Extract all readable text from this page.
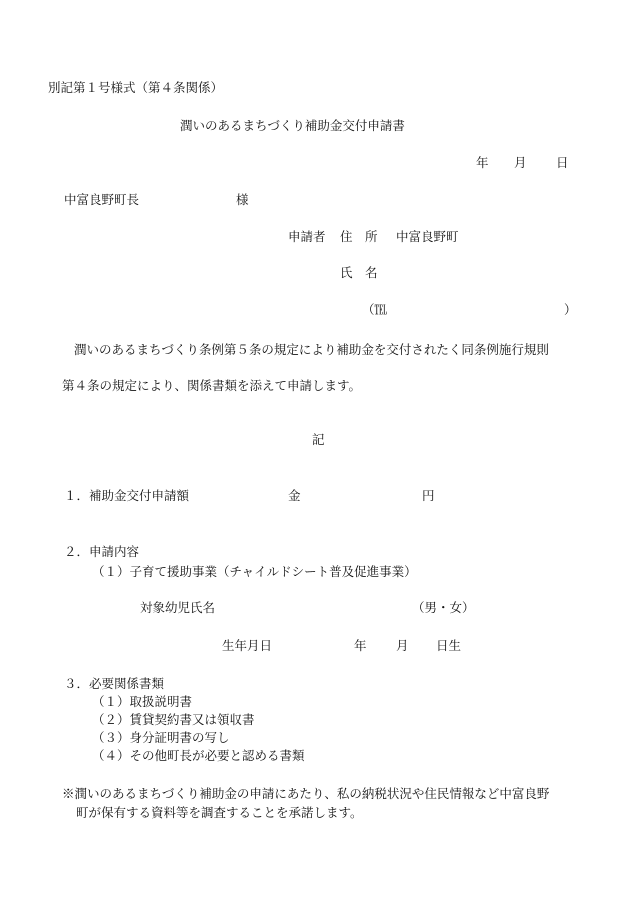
別記第１号様式（第４条関係）
潤いのあるまちづくり補助金交付申請書
年 月 日
中富良野町長	様
申請者 住　所 中富良野町
氏　名
（℡	）
潤いのあるまちづくり条例第５条の規定により補助金を交付されたく同条例施行規則
第４条の規定により、関係書類を添えて申請します。
記
１．補助金交付申請額	金	円
２．申請内容
（１）子育て援助事業（チャイルドシート普及促進事業）
対象幼児氏名	（男・女）
生年月日	年 月 日生
３．必要関係書類
（１）取扱説明書
（２）賃貸契約書又は領収書
（３）身分証明書の写し
（４）その他町長が必要と認める書類
※潤いのあるまちづくり補助金の申請にあたり、私の納税状況や住民情報など中富良野
町が保有する資料等を調査することを承諾します。
